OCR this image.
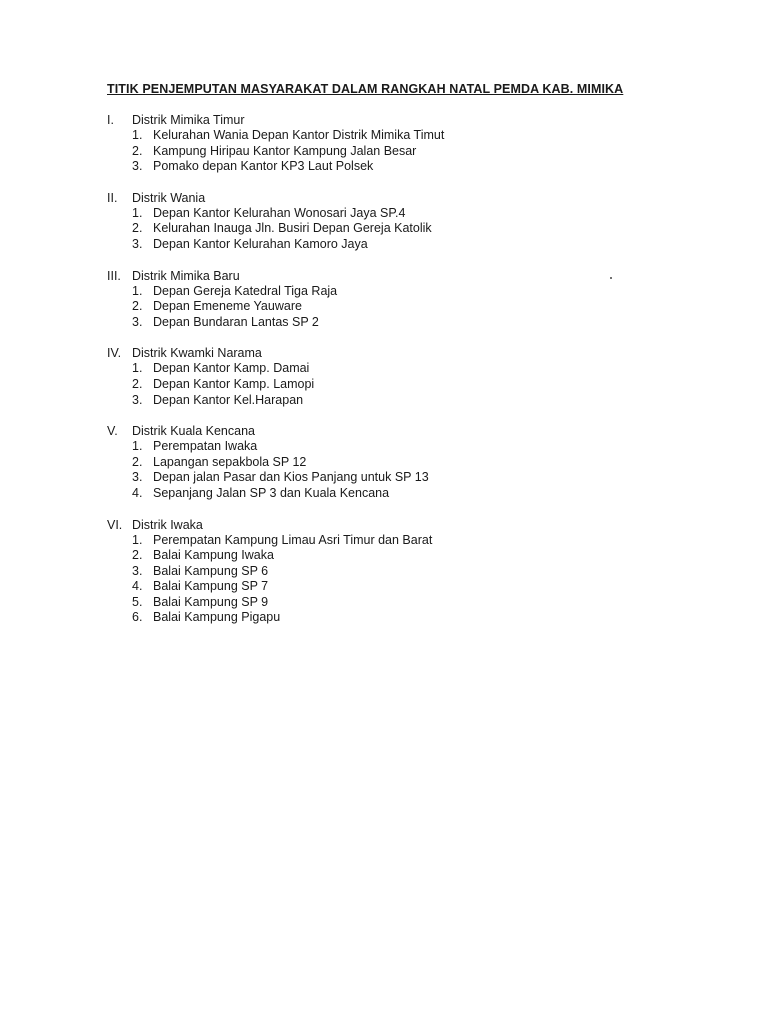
TITIK PENJEMPUTAN MASYARAKAT DALAM RANGKAH NATAL PEMDA KAB. MIMIKA
I.	Distrik Mimika Timur
1. Kelurahan Wania Depan Kantor Distrik Mimika Timut
2. Kampung Hiripau Kantor Kampung Jalan Besar
3. Pomako depan Kantor KP3 Laut Polsek
II.	Distrik Wania
1. Depan Kantor Kelurahan Wonosari Jaya SP.4
2. Kelurahan Inauga Jln. Busiri Depan Gereja Katolik
3. Depan Kantor Kelurahan Kamoro Jaya
III. Distrik Mimika Baru
1. Depan Gereja Katedral Tiga Raja
2. Depan Emeneme Yauware
3. Depan Bundaran Lantas SP 2
IV. Distrik Kwamki Narama
1. Depan Kantor Kamp. Damai
2. Depan Kantor Kamp. Lamopi
3. Depan Kantor Kel.Harapan
V.	Distrik Kuala Kencana
1. Perempatan Iwaka
2. Lapangan sepakbola SP 12
3. Depan jalan Pasar dan Kios Panjang untuk SP 13
4. Sepanjang Jalan SP 3 dan Kuala Kencana
VI. Distrik Iwaka
1. Perempatan Kampung Limau Asri Timur dan Barat
2. Balai Kampung Iwaka
3. Balai Kampung SP 6
4. Balai Kampung SP 7
5. Balai Kampung SP 9
6. Balai Kampung Pigapu
